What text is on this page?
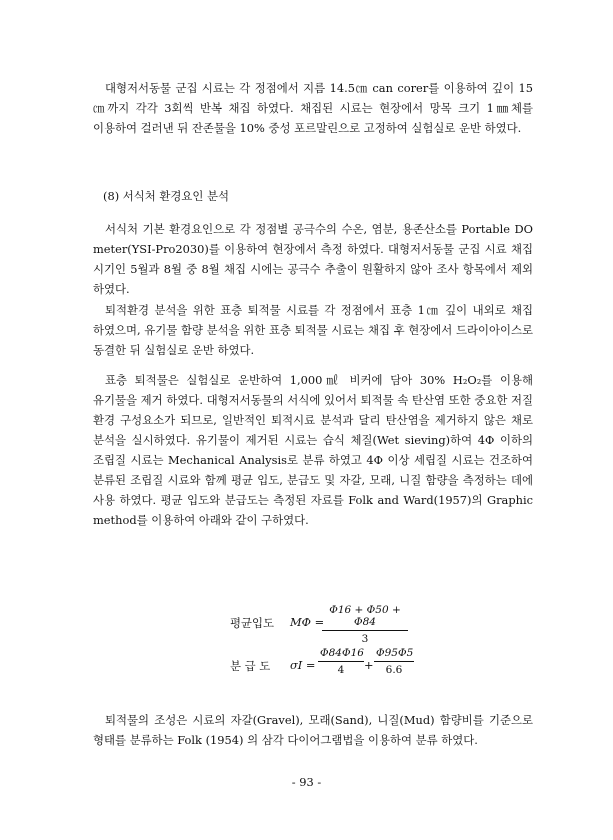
대형저서동물 군집 시료는 각 정점에서 지름 14.5㎝ can corer를 이용하여 깊이 15㎝까지 각각 3회씩 반복 채집 하였다. 채집된 시료는 현장에서 망목 크기 1㎜체를 이용하여 걸러낸 뒤 잔존물을 10% 중성 포르말린으로 고정하여 실험실로 운반 하였다.

(8) 서식처 환경요인 분석

서식처 기본 환경요인으로 각 정점별 공극수의 수온, 염분, 용존산소를 Portable DO meter(YSI-Pro2030)를 이용하여 현장에서 측정 하였다. 대형저서동물 군집 시료 채집 시기인 5월과 8월 중 8월 채집 시에는 공극수 추출이 원활하지 않아 조사 항목에서 제외 하였다.

퇴적환경 분석을 위한 표층 퇴적물 시료를 각 정점에서 표층 1㎝ 깊이 내외로 채집 하였으며, 유기물 함량 분석을 위한 표층 퇴적물 시료는 채집 후 현장에서 드라이아이스로 동결한 뒤 실험실로 운반 하였다.

표층 퇴적물은 실험실로 운반하여 1,000㎖ 비커에 담아 30% H₂O₂를 이용해 유기물을 제거 하였다. 대형저서동물의 서식에 있어서 퇴적물 속 탄산염 또한 중요한 저질 환경 구성요소가 되므로, 일반적인 퇴적시료 분석과 달리 탄산염을 제거하지 않은 채로 분석을 실시하였다. 유기물이 제거된 시료는 습식 체질(Wet sieving)하여 4Φ 이하의 조립질 시료는 Mechanical Analysis로 분류 하였고 4Φ 이상 세립질 시료는 건조하여 분류된 조립질 시료와 함께 평균 입도, 분급도 및 자갈, 모래, 니질 함량을 측정하는 데에 사용 하였다. 평균 입도와 분급도는 측정된 자료를 Folk and Ward(1957)의 Graphic method를 이용하여 아래와 같이 구하였다.

평균입도 MΦ =
Φ16 + Φ50 + Φ84
3
분 급 도 σI =
Φ84Φ16
4	+
Φ95Φ5
6.6

퇴적물의 조성은 시료의 자갈(Gravel), 모래(Sand), 니질(Mud) 함량비를 기준으로 형태를 분류하는 Folk (1954) 의 삼각 다이어그램법을 이용하여 분류 하였다.

- 93 -
